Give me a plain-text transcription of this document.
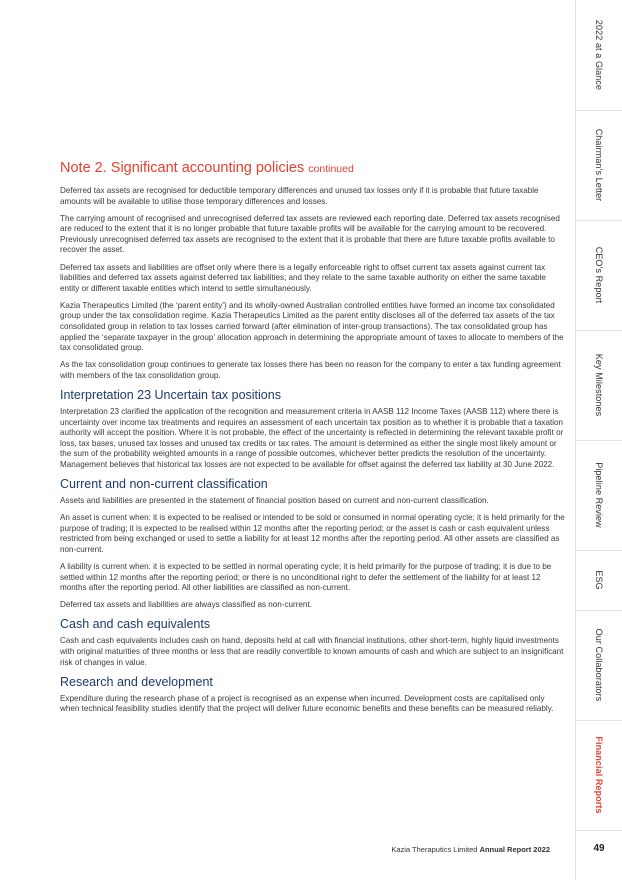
2022 at a Glance
Chairman’s Letter
CEO’s Report
Key Milestones
Pipeline Review
ESG
Our Collaborators
Financial Reports
Note 2. Significant accounting policies continued

Deferred tax assets are recognised for deductible temporary differences and unused tax losses only if it is probable that future taxable amounts will be available to utilise those temporary differences and losses.

The carrying amount of recognised and unrecognised deferred tax assets are reviewed each reporting date. Deferred tax assets recognised are reduced to the extent that it is no longer probable that future taxable profits will be available for the carrying amount to be recovered. Previously unrecognised deferred tax assets are recognised to the extent that it is probable that there are future taxable profits available to recover the asset.

Deferred tax assets and liabilities are offset only where there is a legally enforceable right to offset current tax assets against current tax liabilities and deferred tax assets against deferred tax liabilities; and they relate to the same taxable authority on either the same taxable entity or different taxable entities which intend to settle simultaneously.

Kazia Therapeutics Limited (the ‘parent entity’) and its wholly-owned Australian controlled entities have formed an income tax consolidated group under the tax consolidation regime. Kazia Therapeutics Limited as the parent entity discloses all of the deferred tax assets of the tax consolidated group in relation to tax losses carried forward (after elimination of inter-group transactions). The tax consolidated group has applied the ‘separate taxpayer in the group’ allocation approach in determining the appropriate amount of taxes to allocate to members of the tax consolidated group.

As the tax consolidation group continues to generate tax losses there has been no reason for the company to enter a tax funding agreement with members of the tax consolidation group.

Interpretation 23 Uncertain tax positions

Interpretation 23 clarified the application of the recognition and measurement criteria in AASB 112 Income Taxes (AASB 112) where there is uncertainty over income tax treatments and requires an assessment of each uncertain tax position as to whether it is probable that a taxation authority will accept the position. Where it is not probable, the effect of the uncertainty is reflected in determining the relevant taxable profit or loss, tax bases, unused tax losses and unused tax credits or tax rates. The amount is determined as either the single most likely amount or the sum of the probability weighted amounts in a range of possible outcomes, whichever better predicts the resolution of the uncertainty. Management believes that historical tax losses are not expected to be available for offset against the deferred tax liability at 30 June 2022.

Current and non-current classification

Assets and liabilities are presented in the statement of financial position based on current and non-current classification.

An asset is current when: it is expected to be realised or intended to be sold or consumed in normal operating cycle; it is held primarily for the purpose of trading; it is expected to be realised within 12 months after the reporting period; or the asset is cash or cash equivalent unless restricted from being exchanged or used to settle a liability for at least 12 months after the reporting period. All other assets are classified as non-current.

A liability is current when: it is expected to be settled in normal operating cycle; it is held primarily for the purpose of trading; it is due to be settled within 12 months after the reporting period; or there is no unconditional right to defer the settlement of the liability for at least 12 months after the reporting period. All other liabilities are classified as non-current.

Deferred tax assets and liabilities are always classified as non-current.

Cash and cash equivalents

Cash and cash equivalents includes cash on hand, deposits held at call with financial institutions, other short-term, highly liquid investments with original maturities of three months or less that are readily convertible to known amounts of cash and which are subject to an insignificant risk of changes in value.

Research and development

Expenditure during the research phase of a project is recognised as an expense when incurred. Development costs are capitalised only when technical feasibility studies identify that the project will deliver future economic benefits and these benefits can be measured reliably.

Kazia Theraputics Limited Annual Report 2022	49
